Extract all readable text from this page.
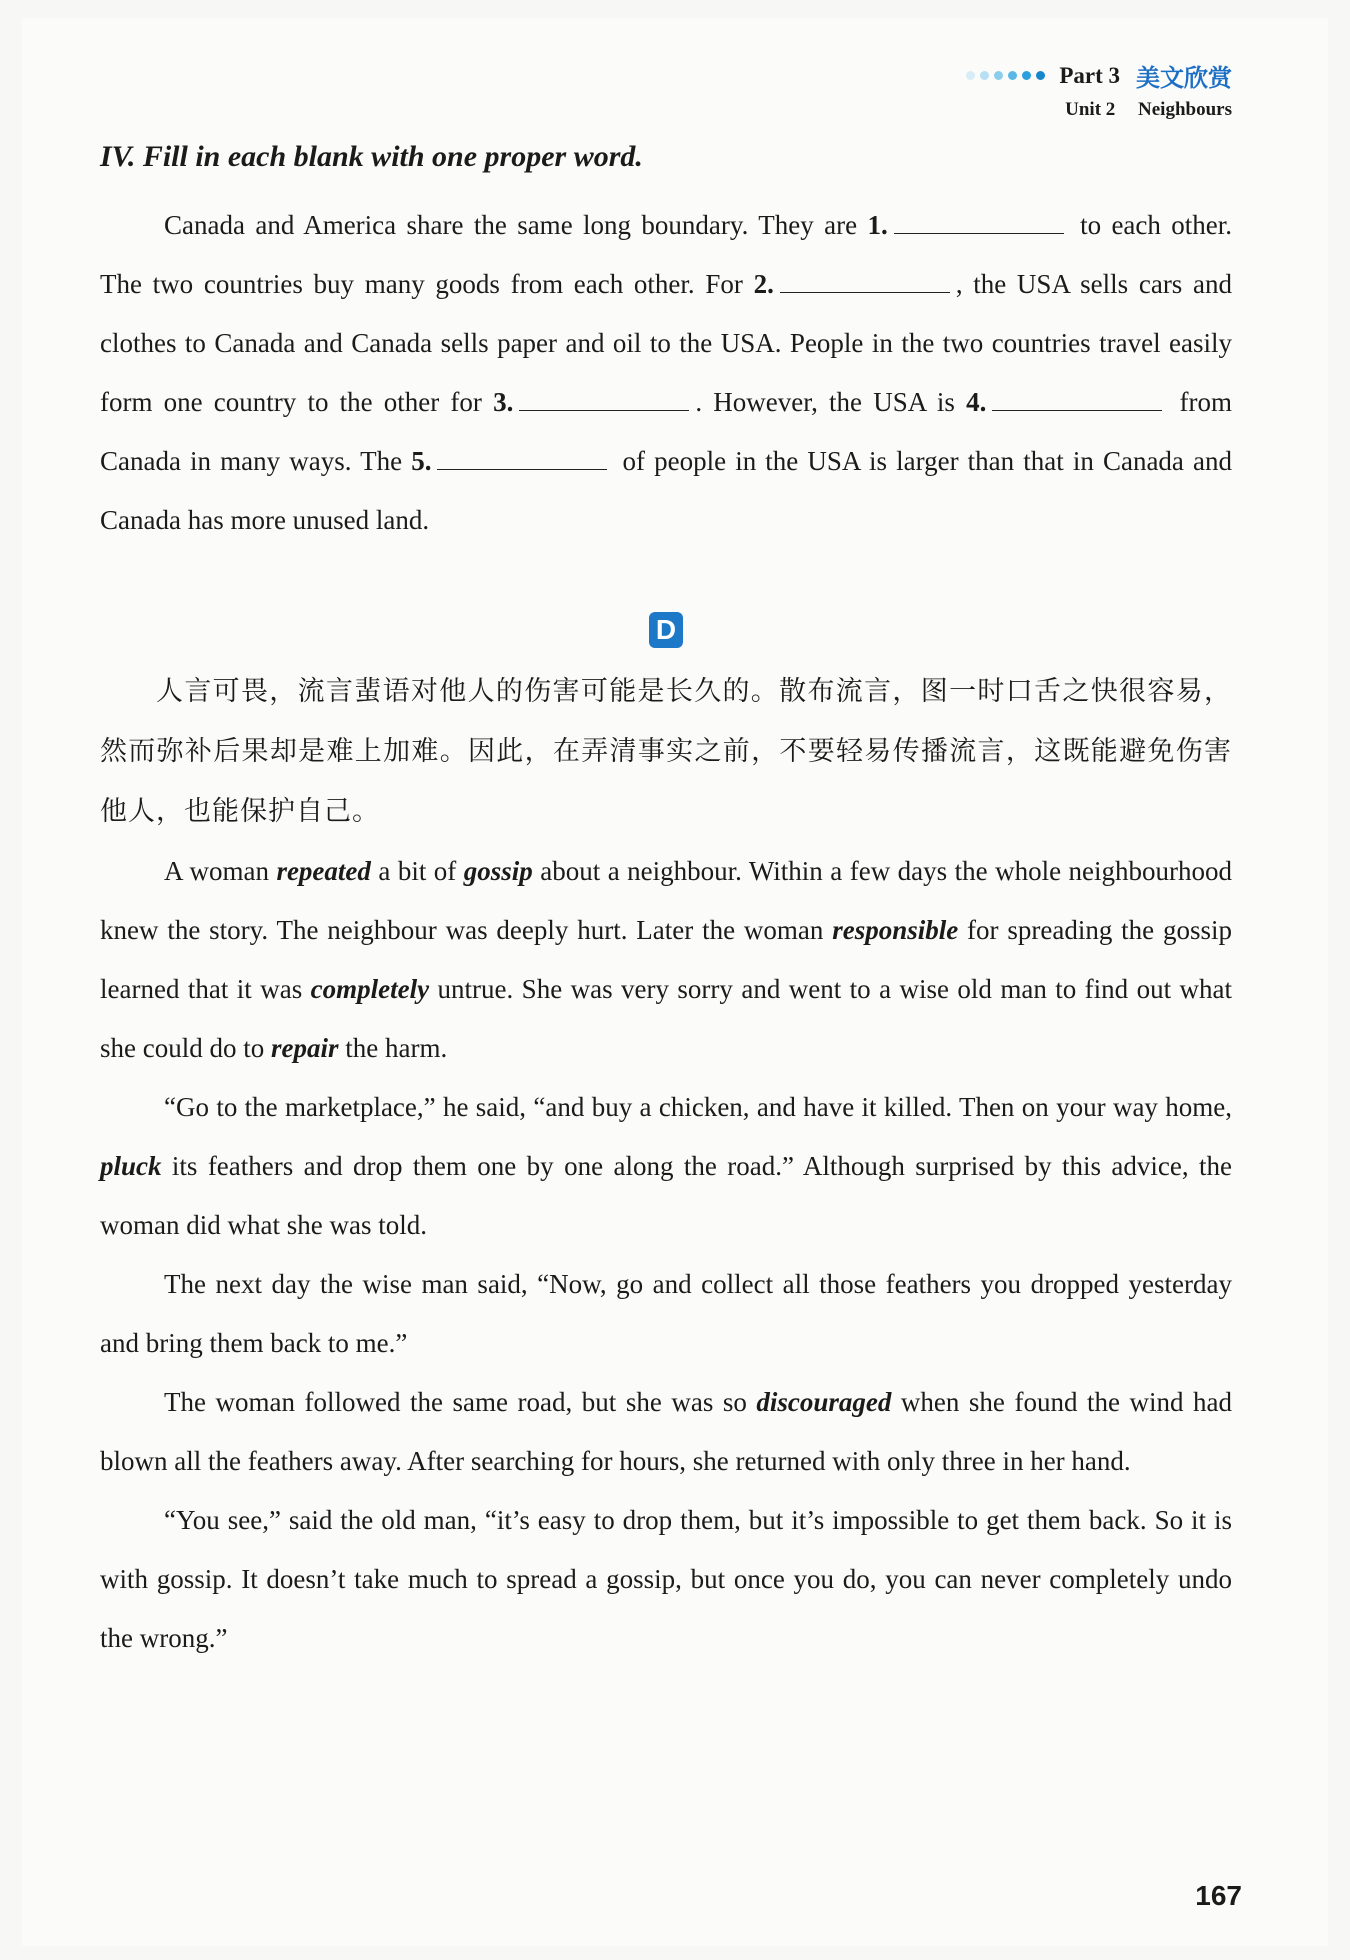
Part 3 美文欣赏
Unit 2 Neighbours
IV. Fill in each blank with one proper word.

Canada and America share the same long boundary. They are 1.	to each other. The two countries buy many goods from each other. For 2.	, the USA sells cars and clothes to Canada and Canada sells paper and oil to the USA. People in the two countries travel easily form one country to the other for 3.	. However, the USA is 4.	from Canada in many ways. The 5.	of people in the USA is larger than that in Canada and Canada has more unused land.

D

人言可畏，流言蜚语对他人的伤害可能是长久的。散布流言，图一时口舌之快很容易，然而弥补后果却是难上加难。因此，在弄清事实之前，不要轻易传播流言，这既能避免伤害他人，也能保护自己。

A woman repeated a bit of gossip about a neighbour. Within a few days the whole neighbourhood knew the story. The neighbour was deeply hurt. Later the woman responsible for spreading the gossip learned that it was completely untrue. She was very sorry and went to a wise old man to find out what she could do to repair the harm.

“Go to the marketplace,” he said, “and buy a chicken, and have it killed. Then on your way home, pluck its feathers and drop them one by one along the road.” Although surprised by this advice, the woman did what she was told.

The next day the wise man said, “Now, go and collect all those feathers you dropped yesterday and bring them back to me.”

The woman followed the same road, but she was so discouraged when she found the wind had blown all the feathers away. After searching for hours, she returned with only three in her hand.

“You see,” said the old man, “it’s easy to drop them, but it’s impossible to get them back. So it is with gossip. It doesn’t take much to spread a gossip, but once you do, you can never completely undo the wrong.”

167
